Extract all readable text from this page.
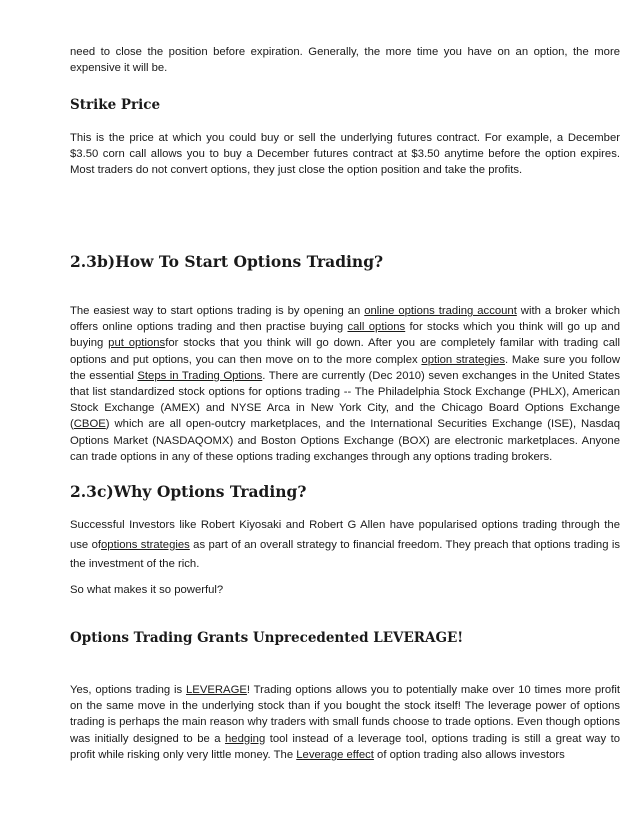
need to close the position before expiration. Generally, the more time you have on an option, the more expensive it will be.

Strike Price

This is the price at which you could buy or sell the underlying futures contract. For example, a December $3.50 corn call allows you to buy a December futures contract at $3.50 anytime before the option expires. Most traders do not convert options, they just close the option position and take the profits.

2.3b)How To Start Options Trading?

The easiest way to start options trading is by opening an online options trading account with a broker which offers online options trading and then practise buying call options for stocks which you think will go up and buying put optionsfor stocks that you think will go down. After you are completely familar with trading call options and put options, you can then move on to the more complex option strategies. Make sure you follow the essential Steps in Trading Options. There are currently (Dec 2010) seven exchanges in the United States that list standardized stock options for options trading -- The Philadelphia Stock Exchange (PHLX), American Stock Exchange (AMEX) and NYSE Arca in New York City, and the Chicago Board Options Exchange (CBOE) which are all open-outcry marketplaces, and the International Securities Exchange (ISE), Nasdaq Options Market (NASDAQOMX) and Boston Options Exchange (BOX) are electronic marketplaces. Anyone can trade options in any of these options trading exchanges through any options trading brokers.

2.3c)Why Options Trading?

Successful Investors like Robert Kiyosaki and Robert G Allen have popularised options trading through the use ofoptions strategies as part of an overall strategy to financial freedom. They preach that options trading is the investment of the rich.

So what makes it so powerful?

Options Trading Grants Unprecedented LEVERAGE!

Yes, options trading is LEVERAGE! Trading options allows you to potentially make over 10 times more profit on the same move in the underlying stock than if you bought the stock itself! The leverage power of options trading is perhaps the main reason why traders with small funds choose to trade options. Even though options was initially designed to be a hedging tool instead of a leverage tool, options trading is still a great way to profit while risking only very little money. The Leverage effect of option trading also allows investors
